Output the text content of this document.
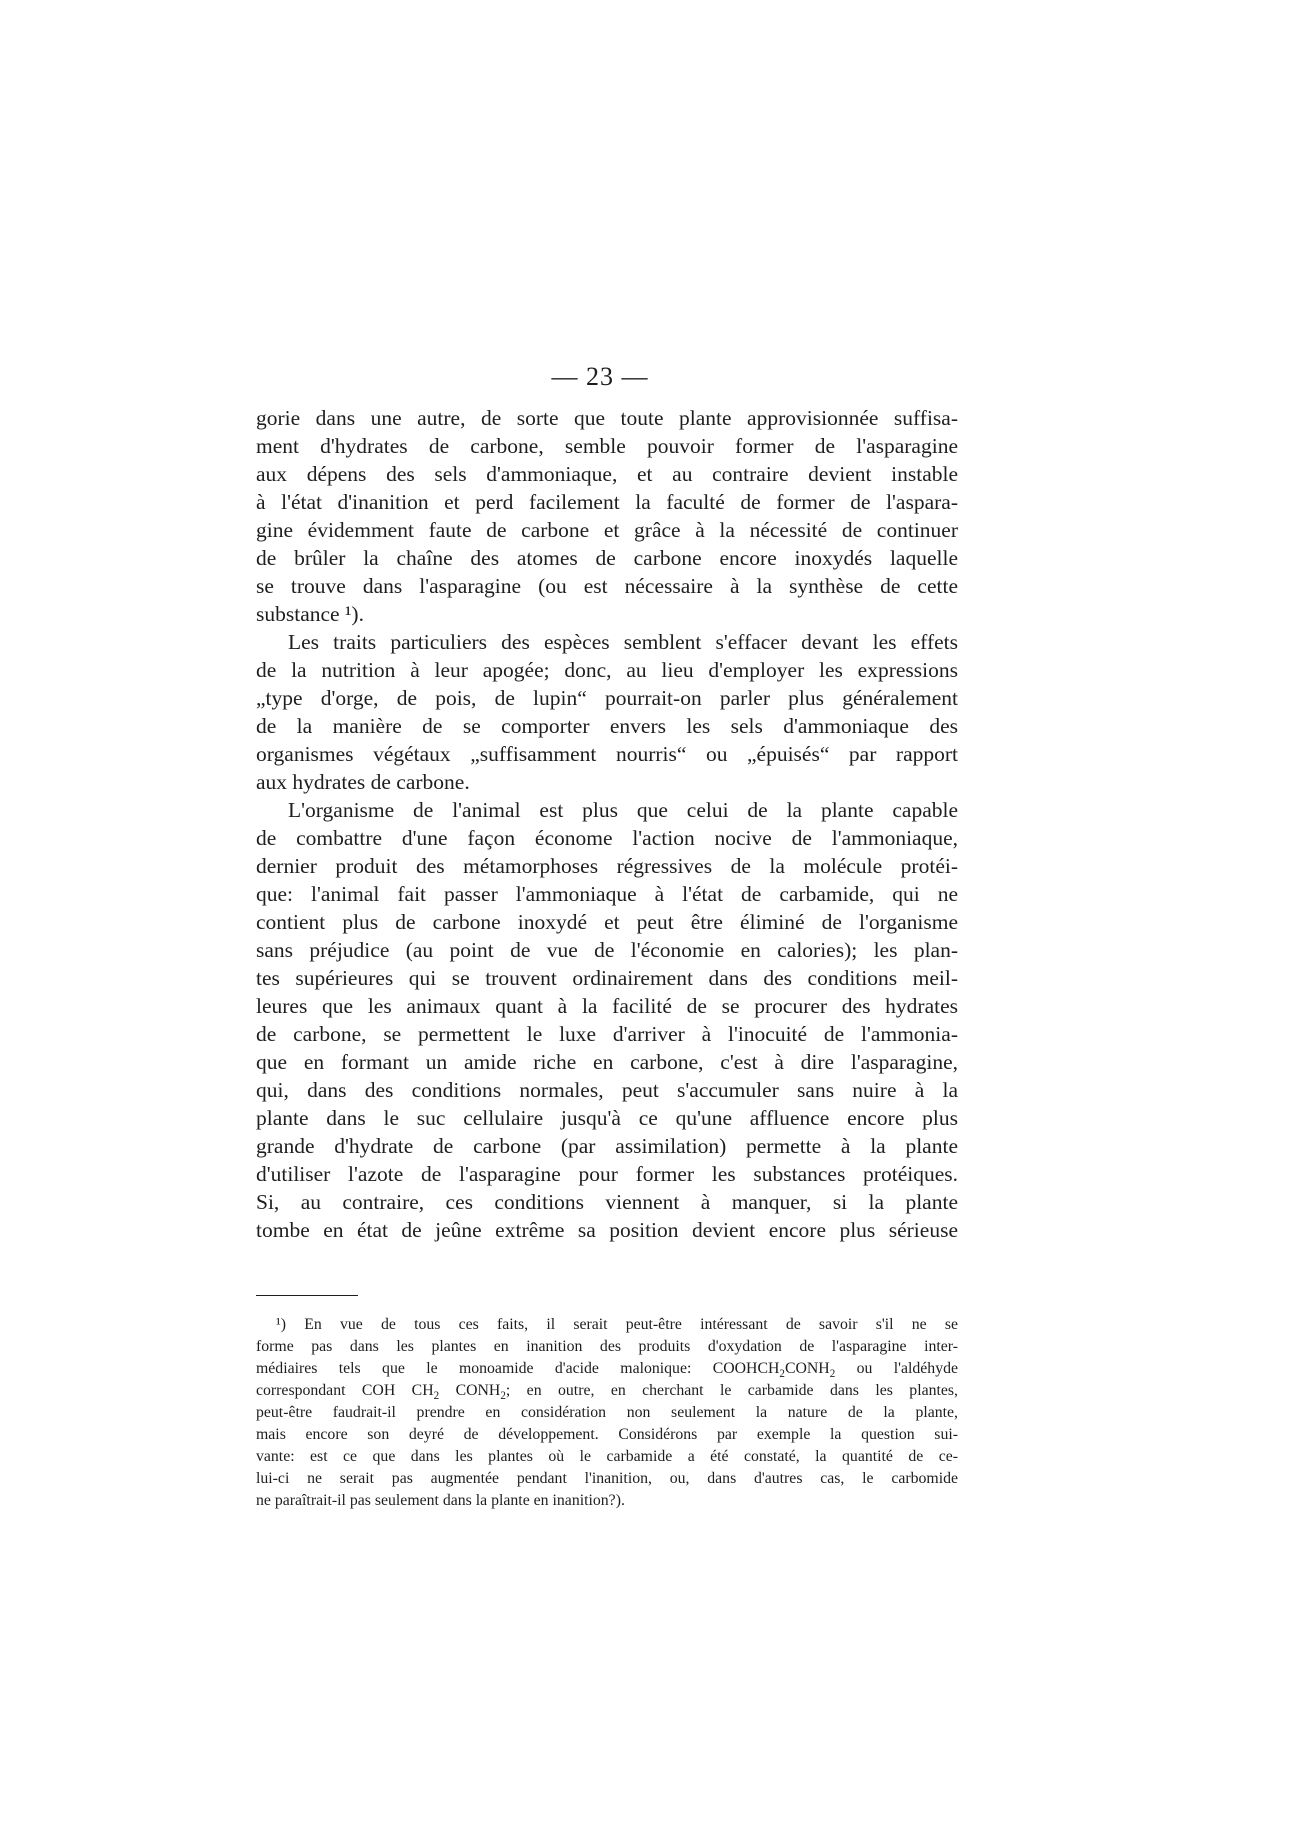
— 23 —
gorie dans une autre, de sorte que toute plante approvisionnée suffisa-
ment d'hydrates de carbone, semble pouvoir former de l'asparagine
aux dépens des sels d'ammoniaque, et au contraire devient instable
à l'état d'inanition et perd facilement la faculté de former de l'aspara-
gine évidemment faute de carbone et grâce à la nécessité de continuer
de brûler la chaîne des atomes de carbone encore inoxydés laquelle
se trouve dans l'asparagine (ou est nécessaire à la synthèse de cette
substance ¹).
Les traits particuliers des espèces semblent s'effacer devant les effets
de la nutrition à leur apogée; donc, au lieu d'employer les expressions
„type d'orge, de pois, de lupin“ pourrait-on parler plus généralement
de la manière de se comporter envers les sels d'ammoniaque des
organismes végétaux „suffisamment nourris“ ou „épuisés“ par rapport
aux hydrates de carbone.
L'organisme de l'animal est plus que celui de la plante capable
de combattre d'une façon économe l'action nocive de l'ammoniaque,
dernier produit des métamorphoses régressives de la molécule protéi-
que: l'animal fait passer l'ammoniaque à l'état de carbamide, qui ne
contient plus de carbone inoxydé et peut être éliminé de l'organisme
sans préjudice (au point de vue de l'économie en calories); les plan-
tes supérieures qui se trouvent ordinairement dans des conditions meil-
leures que les animaux quant à la facilité de se procurer des hydrates
de carbone, se permettent le luxe d'arriver à l'inocuité de l'ammonia-
que en formant un amide riche en carbone, c'est à dire l'asparagine,
qui, dans des conditions normales, peut s'accumuler sans nuire à la
plante dans le suc cellulaire jusqu'à ce qu'une affluence encore plus
grande d'hydrate de carbone (par assimilation) permette à la plante
d'utiliser l'azote de l'asparagine pour former les substances protéiques.
Si, au contraire, ces conditions viennent à manquer, si la plante
tombe en état de jeûne extrême sa position devient encore plus sérieuse
¹) En vue de tous ces faits, il serait peut-être intéressant de savoir s'il ne se
forme pas dans les plantes en inanition des produits d'oxydation de l'asparagine inter-
médiaires tels que le monoamide d'acide malonique: $COOHCH_2CONH_2$ ou l'aldéhyde
correspondant COH $CH_2$ $CONH_2$; en outre, en cherchant le carbamide dans les plantes,
peut-être faudrait-il prendre en considération non seulement la nature de la plante,
mais encore son deyré de développement. Considérons par exemple la question sui-
vante: est ce que dans les plantes où le carbamide a été constaté, la quantité de ce-
lui-ci ne serait pas augmentée pendant l'inanition, ou, dans d'autres cas, le carbomide
ne paraîtrait-il pas seulement dans la plante en inanition?).
